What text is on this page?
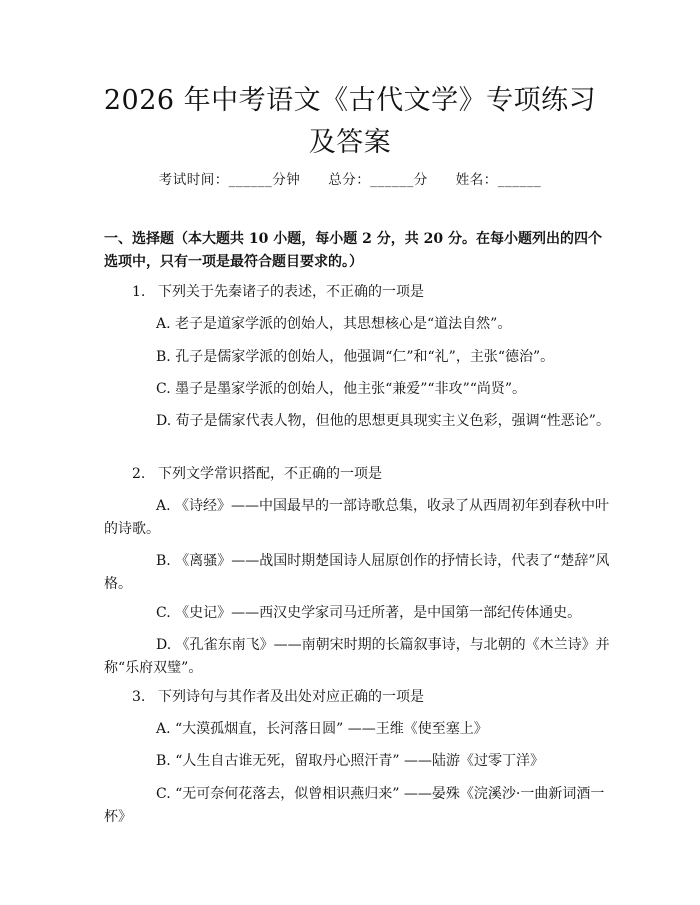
2026 年中考语文《古代文学》专项练习及答案
考试时间：______分钟 总分：______分 姓名：______
一、选择题（本大题共 10 小题，每小题 2 分，共 20 分。在每小题列出的四个选项中，只有一项是最符合题目要求的。）
1. 下列关于先秦诸子的表述，不正确的一项是
A. 老子是道家学派的创始人，其思想核心是“道法自然”。
B. 孔子是儒家学派的创始人，他强调“仁”和“礼”，主张“德治”。
C. 墨子是墨家学派的创始人，他主张“兼爱”“非攻”“尚贤”。
D. 荀子是儒家代表人物，但他的思想更具现实主义色彩，强调“性恶论”。
2. 下列文学常识搭配，不正确的一项是
A. 《诗经》——中国最早的一部诗歌总集，收录了从西周初年到春秋中叶的诗歌。
B. 《离骚》——战国时期楚国诗人屈原创作的抒情长诗，代表了“楚辞”风格。
C. 《史记》——西汉史学家司马迁所著，是中国第一部纪传体通史。
D. 《孔雀东南飞》——南朝宋时期的长篇叙事诗，与北朝的《木兰诗》并称“乐府双璧”。
3. 下列诗句与其作者及出处对应正确的一项是
A. “大漠孤烟直，长河落日圆” ——王维《使至塞上》
B. “人生自古谁无死，留取丹心照汗青” ——陆游《过零丁洋》
C. “无可奈何花落去，似曾相识燕归来” ——晏殊《浣溪沙·一曲新词酒一杯》
